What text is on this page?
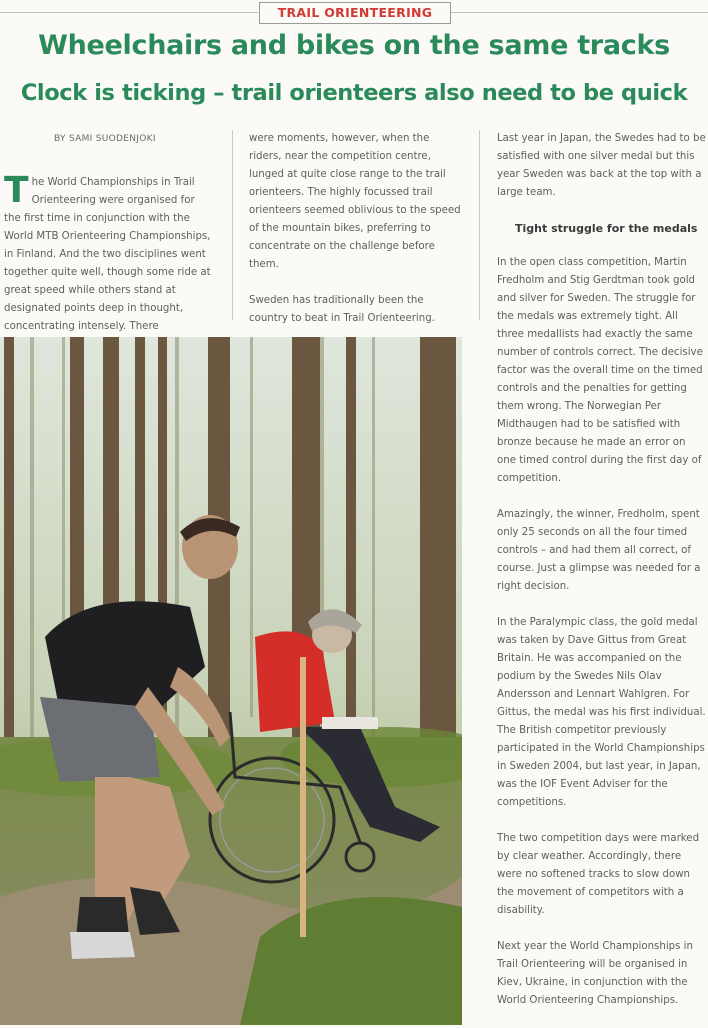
TRAIL ORIENTEERING
Wheelchairs and bikes on the same tracks
Clock is ticking – trail orienteers also need to be quick

BY SAMI SUODENJOKI

The World Championships in Trail Orienteering were organised for the first time in conjunction with the World MTB Orienteering Championships, in Finland. And the two disciplines went together quite well, though some ride at great speed while others stand at designated points deep in thought, concentrating intensely. There

were moments, however, when the riders, near the competition centre, lunged at quite close range to the trail orienteers. The highly focussed trail orienteers seemed oblivious to the speed of the mountain bikes, preferring to concentrate on the challenge before them.

Sweden has traditionally been the country to beat in Trail Orienteering.

Last year in Japan, the Swedes had to be satisfied with one silver medal but this year Sweden was back at the top with a large team.

Tight struggle for the medals

In the open class competition, Martin Fredholm and Stig Gerdtman took gold and silver for Sweden. The struggle for the medals was extremely tight. All three medallists had exactly the same number of controls correct. The decisive factor was the overall time on the timed controls and the penalties for getting them wrong. The Norwegian Per Midthaugen had to be satisfied with bronze because he made an error on one timed control during the first day of competition.

Amazingly, the winner, Fredholm, spent only 25 seconds on all the four timed controls – and had them all correct, of course. Just a glimpse was needed for a right decision.

In the Paralympic class, the gold medal was taken by Dave Gittus from Great Britain. He was accompanied on the podium by the Swedes Nils Olav Andersson and Lennart Wahlgren. For Gittus, the medal was his first individual. The British competitor previously participated in the World Championships in Sweden 2004, but last year, in Japan, was the IOF Event Adviser for the competitions.

The two competition days were marked by clear weather. Accordingly, there were no softened tracks to slow down the movement of competitors with a disability.

Next year the World Championships in Trail Orienteering will be organised in Kiev, Ukraine, in conjunction with the World Orienteering Championships.
